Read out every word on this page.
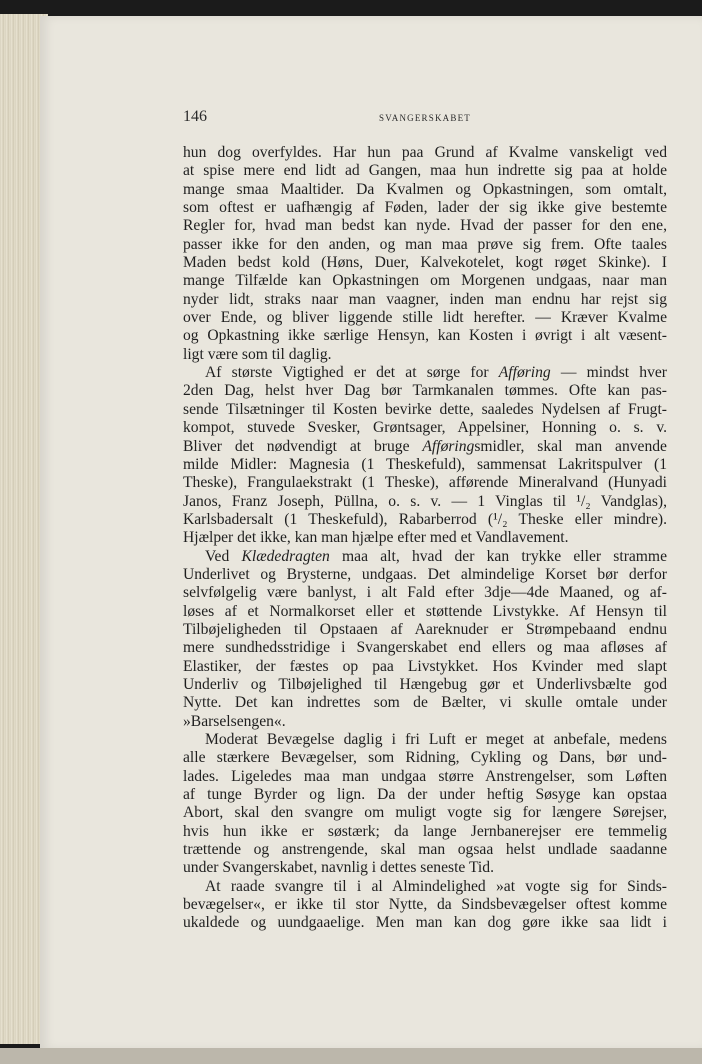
146	SVANGERSKABET
hun dog overfyldes. Har hun paa Grund af Kvalme vanskeligt ved
at spise mere end lidt ad Gangen, maa hun indrette sig paa at holde
mange smaa Maaltider. Da Kvalmen og Opkastningen, som omtalt,
som oftest er uafhængig af Føden, lader der sig ikke give bestemte
Regler for, hvad man bedst kan nyde. Hvad der passer for den ene,
passer ikke for den anden, og man maa prøve sig frem. Ofte taales
Maden bedst kold (Høns, Duer, Kalvekotelet, kogt røget Skinke). I
mange Tilfælde kan Opkastningen om Morgenen undgaas, naar man
nyder lidt, straks naar man vaagner, inden man endnu har rejst sig
over Ende, og bliver liggende stille lidt herefter. — Kræver Kvalme
og Opkastning ikke særlige Hensyn, kan Kosten i øvrigt i alt væsent-
ligt være som til daglig.
Af største Vigtighed er det at sørge for Afføring — mindst hver
2den Dag, helst hver Dag bør Tarmkanalen tømmes. Ofte kan pas-
sende Tilsætninger til Kosten bevirke dette, saaledes Nydelsen af Frugt-
kompot, stuvede Svesker, Grøntsager, Appelsiner, Honning o. s. v.
Bliver det nødvendigt at bruge Afføringsmidler, skal man anvende
milde Midler: Magnesia (1 Theskefuld), sammensat Lakritspulver (1
Theske), Frangulaekstrakt (1 Theske), afførende Mineralvand (Hunyadi
Janos, Franz Joseph, Püllna, o. s. v. — 1 Vinglas til ¹/₂ Vandglas),
Karlsbadersalt (1 Theskefuld), Rabarberrod (¹/₂ Theske eller mindre).
Hjælper det ikke, kan man hjælpe efter med et Vandlavement.
Ved Klædedragten maa alt, hvad der kan trykke eller stramme
Underlivet og Brysterne, undgaas. Det almindelige Korset bør derfor
selvfølgelig være banlyst, i alt Fald efter 3dje—4de Maaned, og af-
løses af et Normalkorset eller et støttende Livstykke. Af Hensyn til
Tilbøjeligheden til Opstaaen af Aareknuder er Strømpebaand endnu
mere sundhedsstridige i Svangerskabet end ellers og maa afløses af
Elastiker, der fæstes op paa Livstykket. Hos Kvinder med slapt
Underliv og Tilbøjelighed til Hængebug gør et Underlivsbælte god
Nytte. Det kan indrettes som de Bælter, vi skulle omtale under
»Barselsengen«.
Moderat Bevægelse daglig i fri Luft er meget at anbefale, medens
alle stærkere Bevægelser, som Ridning, Cykling og Dans, bør und-
lades. Ligeledes maa man undgaa større Anstrengelser, som Løften
af tunge Byrder og lign. Da der under heftig Søsyge kan opstaa
Abort, skal den svangre om muligt vogte sig for længere Sørejser,
hvis hun ikke er søstærk; da lange Jernbanerejser ere temmelig
trættende og anstrengende, skal man ogsaa helst undlade saadanne
under Svangerskabet, navnlig i dettes seneste Tid.
At raade svangre til i al Almindelighed »at vogte sig for Sinds-
bevægelser«, er ikke til stor Nytte, da Sindsbevægelser oftest komme
ukaldede og uundgaaelige. Men man kan dog gøre ikke saa lidt i
